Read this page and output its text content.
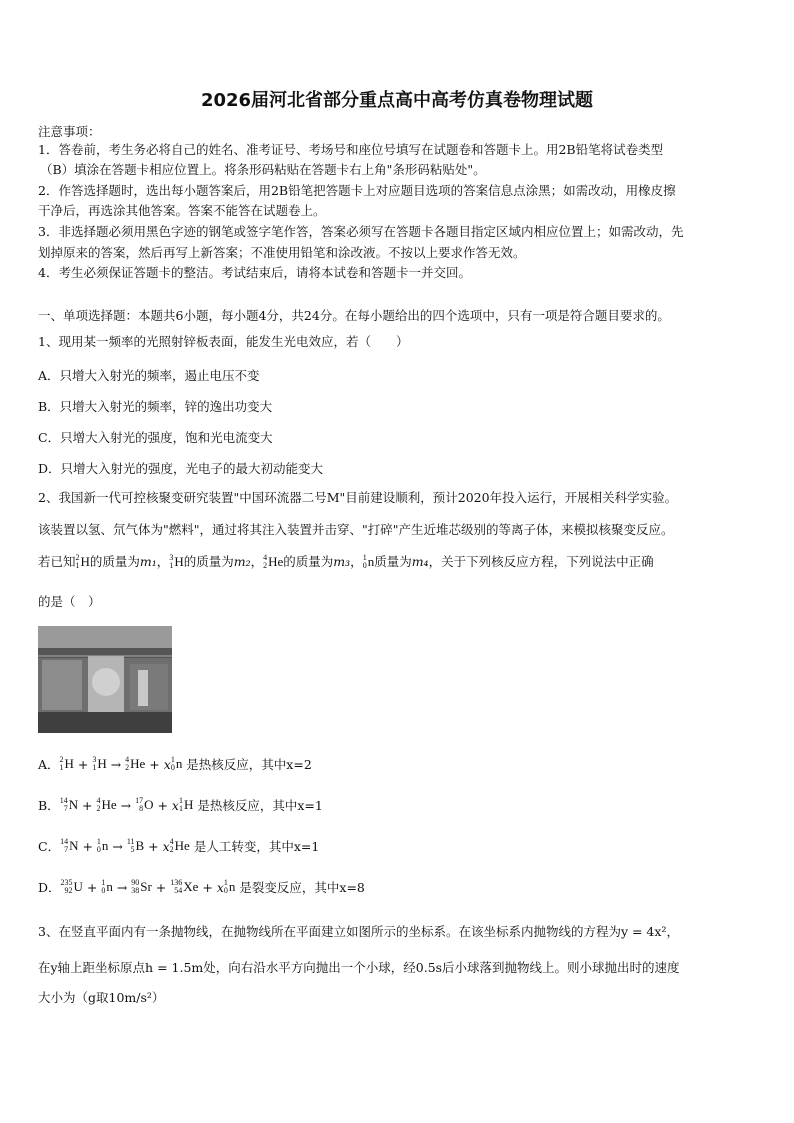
2026届河北省部分重点高中高考仿真卷物理试题
注意事项：
1．答卷前，考生务必将自己的姓名、准考证号、考场号和座位号填写在试题卷和答题卡上。用2B铅笔将试卷类型
（B）填涂在答题卡相应位置上。将条形码粘贴在答题卡右上角"条形码粘贴处"。
2．作答选择题时，选出每小题答案后，用2B铅笔把答题卡上对应题目选项的答案信息点涂黑；如需改动，用橡皮擦
干净后，再选涂其他答案。答案不能答在试题卷上。
3．非选择题必须用黑色字迹的钢笔或签字笔作答，答案必须写在答题卡各题目指定区域内相应位置上；如需改动，先
划掉原来的答案，然后再写上新答案；不准使用铅笔和涂改液。不按以上要求作答无效。
4．考生必须保证答题卡的整洁。考试结束后，请将本试卷和答题卡一并交回。
一、单项选择题：本题共6小题，每小题4分，共24分。在每小题给出的四个选项中，只有一项是符合题目要求的。
1、现用某一频率的光照射锌板表面，能发生光电效应，若（　　）
A．只增大入射光的频率，遏止电压不变
B．只增大入射光的频率，锌的逸出功变大
C．只增大入射光的强度，饱和光电流变大
D．只增大入射光的强度，光电子的最大初动能变大
2、我国新一代可控核聚变研究装置"中国环流器二号M"目前建设顺利，预计2020年投入运行，开展相关科学实验。
该装置以氢、氘气体为"燃料"，通过将其注入装置并击穿、"打碎"产生近堆芯级别的等离子体，来模拟核聚变反应。
若已知 2
1 H 的质量为 m₁ ， 3
1 H 的质量为 m₂ ， 4
2 He 的质量为 m₃ ， 1
0 n 质量为 m₄ ，关于下列核反应方程，下列说法中正确
的是（　）
A． 2
1 H + 3
1 H → 4
2 He + x 1
0 n
是热核反应，其中x=2
B． 14
7 N + 4
2 He → 17
8 O + x 1
1 H
是热核反应，其中x=1
C． 14
7 N + 1
0 n → 11
5 B + x 4
2 He
是人工转变，其中x=1
D． 235
92 U + 1
0 n → 90
38 Sr + 136
54 Xe + x 1
0 n
是裂变反应，其中x=8
3、在竖直平面内有一条抛物线，在抛物线所在平面建立如图所示的坐标系。在该坐标系内抛物线的方程为y = 4x²，
在y轴上距坐标原点h = 1.5m处，向右沿水平方向抛出一个小球，经0.5s后小球落到抛物线上。则小球抛出时的速度
大小为（g取10m/s²）
